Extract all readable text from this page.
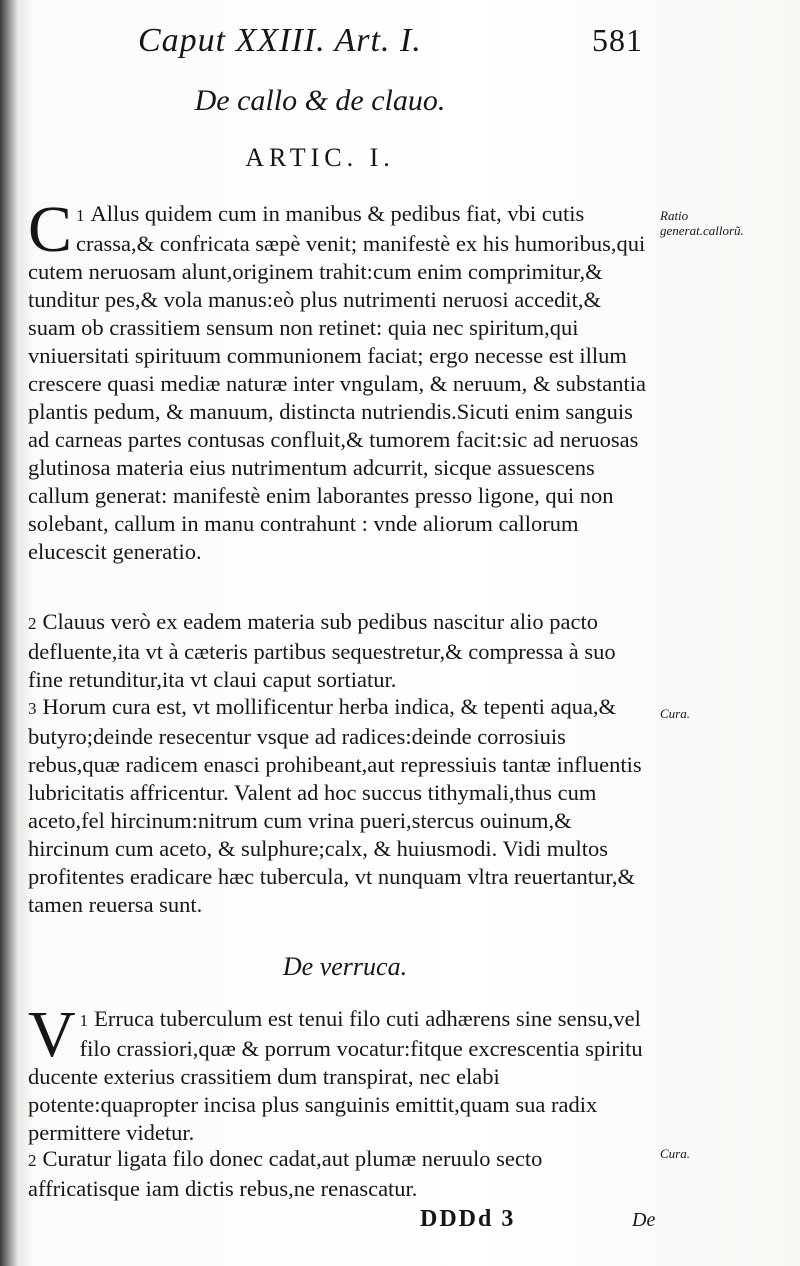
Caput XXIII. Art. I.	581
De callo & de clauo.
ARTIC. I.
1
C Allus quidem cum in manibus & pedibus fiat, vbi cutis crassa,& confricata sæpè venit; manifestè ex his humoribus,qui cutem neruosam alunt,originem trahit:cum enim comprimitur,& tunditur pes,& vola manus:eò plus nutrimenti neruosi accedit,& suam ob crassitiem sensum non retinet: quia nec spiritum,qui vniuersitati spirituum communionem faciat; ergo necesse est illum crescere quasi mediæ naturæ inter vngulam, & neruum, & substantia plantis pedum, & manuum, distincta nutriendis.Sicuti enim sanguis ad carneas partes contusas confluit,& tumorem facit:sic ad neruosas glutinosa materia eius nutrimentum adcurrit, sicque assuescens callum generat: manifestè enim laborantes presso ligone, qui non solebant, callum in manu contrahunt : vnde aliorum callorum elucescit generatio.
2 Clauus verò ex eadem materia sub pedibus nascitur alio pacto defluente,ita vt à cæteris partibus sequestretur,& compressa à suo fine retunditur,ita vt claui caput sortiatur.
3 Horum cura est, vt mollificentur herba indica, & tepenti aqua,& butyro;deinde resecentur vsque ad radices:deinde corrosiuis rebus,quæ radicem enasci prohibeant,aut repressiuis tantæ influentis lubricitatis affricentur. Valent ad hoc succus tithymali,thus cum aceto,fel hircinum:nitrum cum vrina pueri,stercus ouinum,& hircinum cum aceto, & sulphure;calx, & huiusmodi. Vidi multos profitentes eradicare hæc tubercula, vt nunquam vltra reuertantur,& tamen reuersa sunt.
De verruca.
1
V Erruca tuberculum est tenui filo cuti adhærens sine sensu,vel filo crassiori,quæ & porrum vocatur:fitque excrescentia spiritu ducente exterius crassitiem dum transpirat, nec elabi potente:quapropter incisa plus sanguinis emittit,quam sua radix permittere videtur.
2 Curatur ligata filo donec cadat,aut plumæ neruulo secto affricatisque iam dictis rebus,ne renascatur.
Ratio generat.callorũ.
Cura.
Cura.
DDDd 3	De
